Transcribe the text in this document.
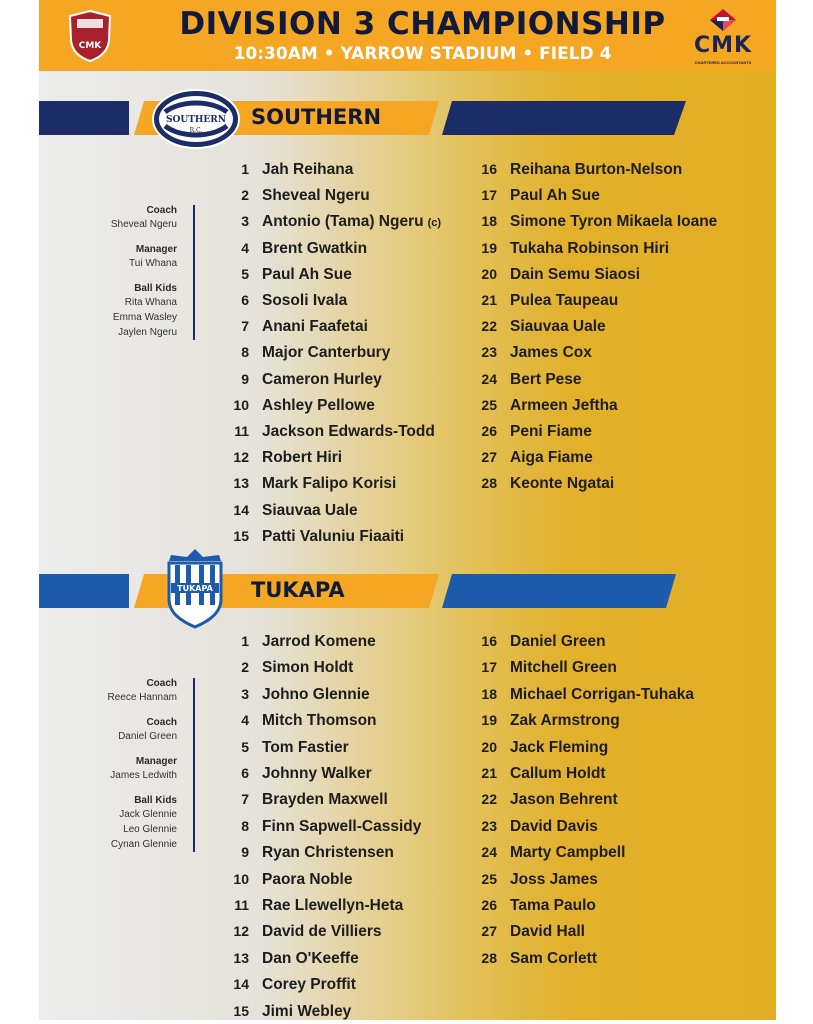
CMK
DIVISION 3 CHAMPIONSHIP
10:30AM • YARROW STADIUM • FIELD 4	CMK
CHARTERED ACCOUNTANTS
SOUTHERN
SOUTHERN
R.C.
Coach
Sheveal Ngeru
Manager
Tui Whana
Ball Kids
Rita Whana
Emma Wasley
Jaylen Ngeru
TUKAPA
TUKAPA
Coach
Reece Hannam
Coach
Daniel Green
Manager
James Ledwith
Ball Kids
Jack Glennie
Leo Glennie
Cynan Glennie
1 Jah Reihana
2 Sheveal Ngeru
3 Antonio (Tama) Ngeru (c)
4 Brent Gwatkin
5 Paul Ah Sue
6 Sosoli Ivala
7 Anani Faafetai
8 Major Canterbury
9 Cameron Hurley
10 Ashley Pellowe
11 Jackson Edwards-Todd
12 Robert Hiri
13 Mark Falipo Korisi
14 Siauvaa Uale
15 Patti Valuniu Fiaaiti
16 Reihana Burton-Nelson
17 Paul Ah Sue
18 Simone Tyron Mikaela Ioane
19 Tukaha Robinson Hiri
20 Dain Semu Siaosi
21 Pulea Taupeau
22 Siauvaa Uale
23 James Cox
24 Bert Pese
25 Armeen Jeftha
26 Peni Fiame
27 Aiga Fiame
28 Keonte Ngatai
1 Jarrod Komene
2 Simon Holdt
3 Johno Glennie
4 Mitch Thomson
5 Tom Fastier
6 Johnny Walker
7 Brayden Maxwell
8 Finn Sapwell-Cassidy
9 Ryan Christensen
10 Paora Noble
11 Rae Llewellyn-Heta
12 David de Villiers
13 Dan O'Keeffe
14 Corey Proffit
15 Jimi Webley
16 Daniel Green
17 Mitchell Green
18 Michael Corrigan-Tuhaka
19 Zak Armstrong
20 Jack Fleming
21 Callum Holdt
22 Jason Behrent
23 David Davis
24 Marty Campbell
25 Joss James
26 Tama Paulo
27 David Hall
28 Sam Corlett
